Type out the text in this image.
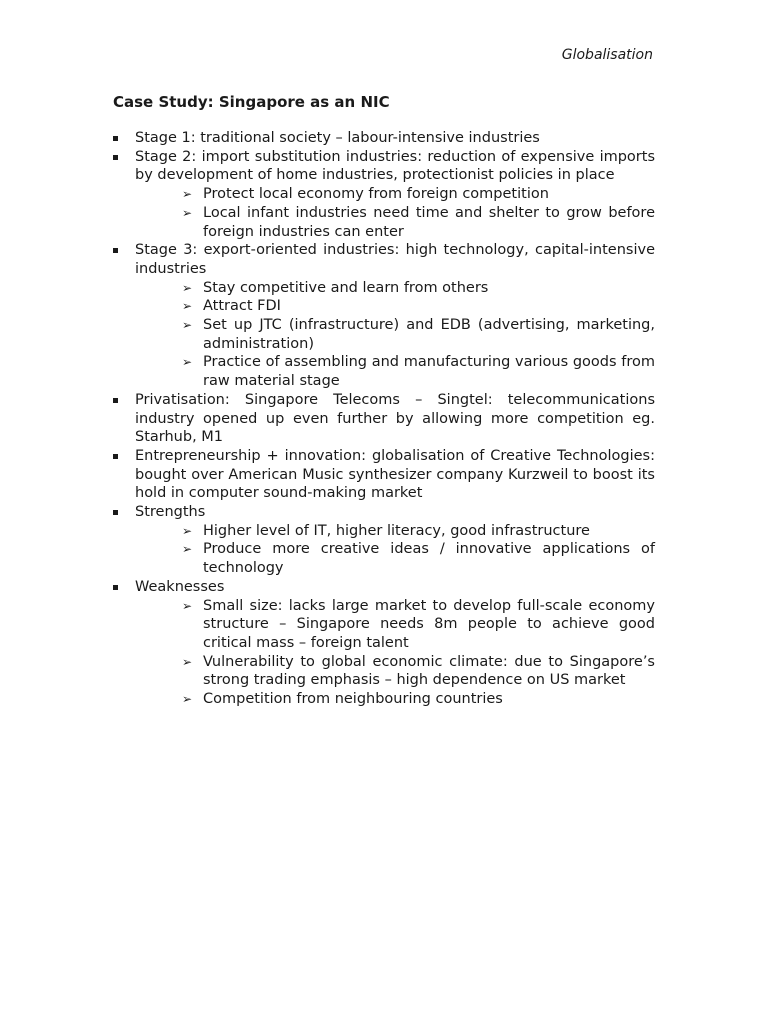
Globalisation
Case Study: Singapore as an NIC
Stage 1: traditional society – labour-intensive industries
Stage 2: import substitution industries: reduction of expensive imports by development of home industries, protectionist policies in place
➢ Protect local economy from foreign competition
➢ Local infant industries need time and shelter to grow before foreign industries can enter
Stage 3: export-oriented industries: high technology, capital-intensive industries
➢ Stay competitive and learn from others
➢ Attract FDI
➢ Set up JTC (infrastructure) and EDB (advertising, marketing, administration)
➢ Practice of assembling and manufacturing various goods from raw material stage
Privatisation: Singapore Telecoms – Singtel: telecommunications industry opened up even further by allowing more competition eg. Starhub, M1
Entrepreneurship + innovation: globalisation of Creative Technologies: bought over American Music synthesizer company Kurzweil to boost its hold in computer sound-making market
Strengths
➢ Higher level of IT, higher literacy, good infrastructure
➢ Produce more creative ideas / innovative applications of technology
Weaknesses
➢ Small size: lacks large market to develop full-scale economy structure – Singapore needs 8m people to achieve good critical mass – foreign talent
➢ Vulnerability to global economic climate: due to Singapore’s strong trading emphasis – high dependence on US market
➢ Competition from neighbouring countries
